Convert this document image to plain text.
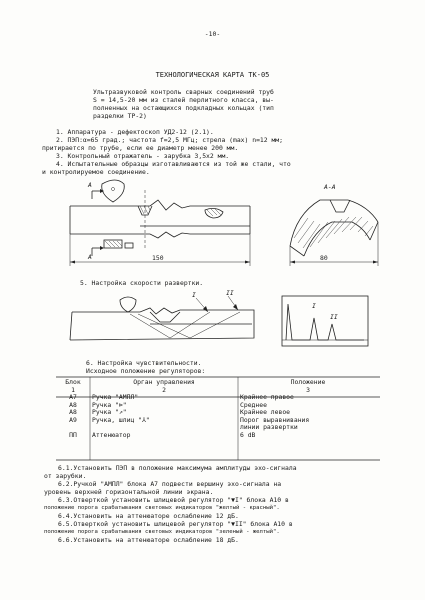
-10-
ТЕХНОЛОГИЧЕСКАЯ КАРТА ТК-05
Ультразвуковой контроль сварных соединений труб
S = 14,5-20 мм из сталей перлитного класса, вы-
полненных на остающихся подкладных кольцах (тип
разделки ТР-2)
1. Аппаратура - дефектоскоп УД2-12 (2.1).
2. ПЭП:α=65 град.; частота f=2,5 МГц; стрела (max) n=12 мм;
притирается по трубе, если ее диаметр менее 200 мм.
3. Контрольный отражатель - зарубка 3,5х2 мм.
4. Испытательные образцы изготавливаются из той же стали, что
и контролируемое соединение.
A
A
A-A
150	80
5. Настройка скорости развертки.
I	II
I
II
6. Настройка чувствительности.
Исходное положение регуляторов:
Блок	Орган управления	Положение
1	2	3
А7	Ручка "АМПЛ"	Крайнее правое
А8	Ручка "⊳"	Среднее
А8	Ручка "↗"	Крайнее левое
А9	Ручка, шлиц "⅄"	Порог выравнивания
линии развертки
ПП	Аттенюатор	6 dB
6.1.Установить ПЭП в положение максимума амплитуды эхо-сигнала
от зарубки.
6.2.Ручкой "АМПЛ" блока А7 подвести вершину эхо-сигнала на
уровень верхней горизонтальной линии экрана.
6.3.Отверткой установить шлицевой регулятор "▼I" блока А10 в
положение порога срабатывания световых индикаторов "желтый - красный".
6.4.Установить на аттенюаторе ослабление 12 дБ.
6.5.Отверткой установить шлицевой регулятор "▼II" блока А10 в
положение порога срабатывания световых индикаторов "зеленый - желтый".
6.6.Установить на аттенюаторе ослабление 18 дБ.
